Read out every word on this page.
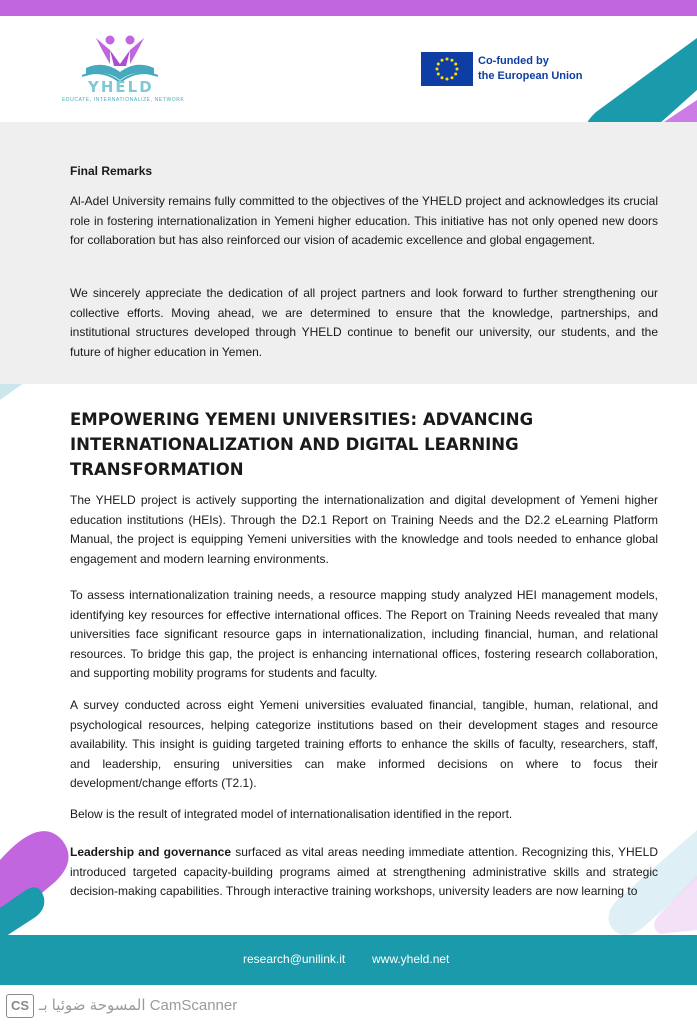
YHELD
EDUCATE, INTERNATIONALIZE, NETWORK
Co-funded by
the European Union
Final Remarks

Al-Adel University remains fully committed to the objectives of the YHELD project and acknowledges its crucial role in fostering internationalization in Yemeni higher education. This initiative has not only opened new doors for collaboration but has also reinforced our vision of academic excellence and global engagement.

We sincerely appreciate the dedication of all project partners and look forward to further strengthening our collective efforts. Moving ahead, we are determined to ensure that the knowledge, partnerships, and institutional structures developed through YHELD continue to benefit our university, our students, and the future of higher education in Yemen.

EMPOWERING YEMENI UNIVERSITIES: ADVANCING INTERNATIONALIZATION AND DIGITAL LEARNING TRANSFORMATION

The YHELD project is actively supporting the internationalization and digital development of Yemeni higher education institutions (HEIs). Through the D2.1 Report on Training Needs and the D2.2 eLearning Platform Manual, the project is equipping Yemeni universities with the knowledge and tools needed to enhance global engagement and modern learning environments.

To assess internationalization training needs, a resource mapping study analyzed HEI management models, identifying key resources for effective international offices. The Report on Training Needs revealed that many universities face significant resource gaps in internationalization, including financial, human, and relational resources. To bridge this gap, the project is enhancing international offices, fostering research collaboration, and supporting mobility programs for students and faculty.

A survey conducted across eight Yemeni universities evaluated financial, tangible, human, relational, and psychological resources, helping categorize institutions based on their development stages and resource availability. This insight is guiding targeted training efforts to enhance the skills of faculty, researchers, staff, and leadership, ensuring universities can make informed decisions on where to focus their development/change efforts (T2.1).

Below is the result of integrated model of internationalisation identified in the report.

Leadership and governance surfaced as vital areas needing immediate attention. Recognizing this, YHELD introduced targeted capacity-building programs aimed at strengthening administrative skills and strategic decision-making capabilities. Through interactive training workshops, university leaders are now learning to

research@unilink.it www.yheld.net
CS المسوحة ضوئيا بـ CamScanner
